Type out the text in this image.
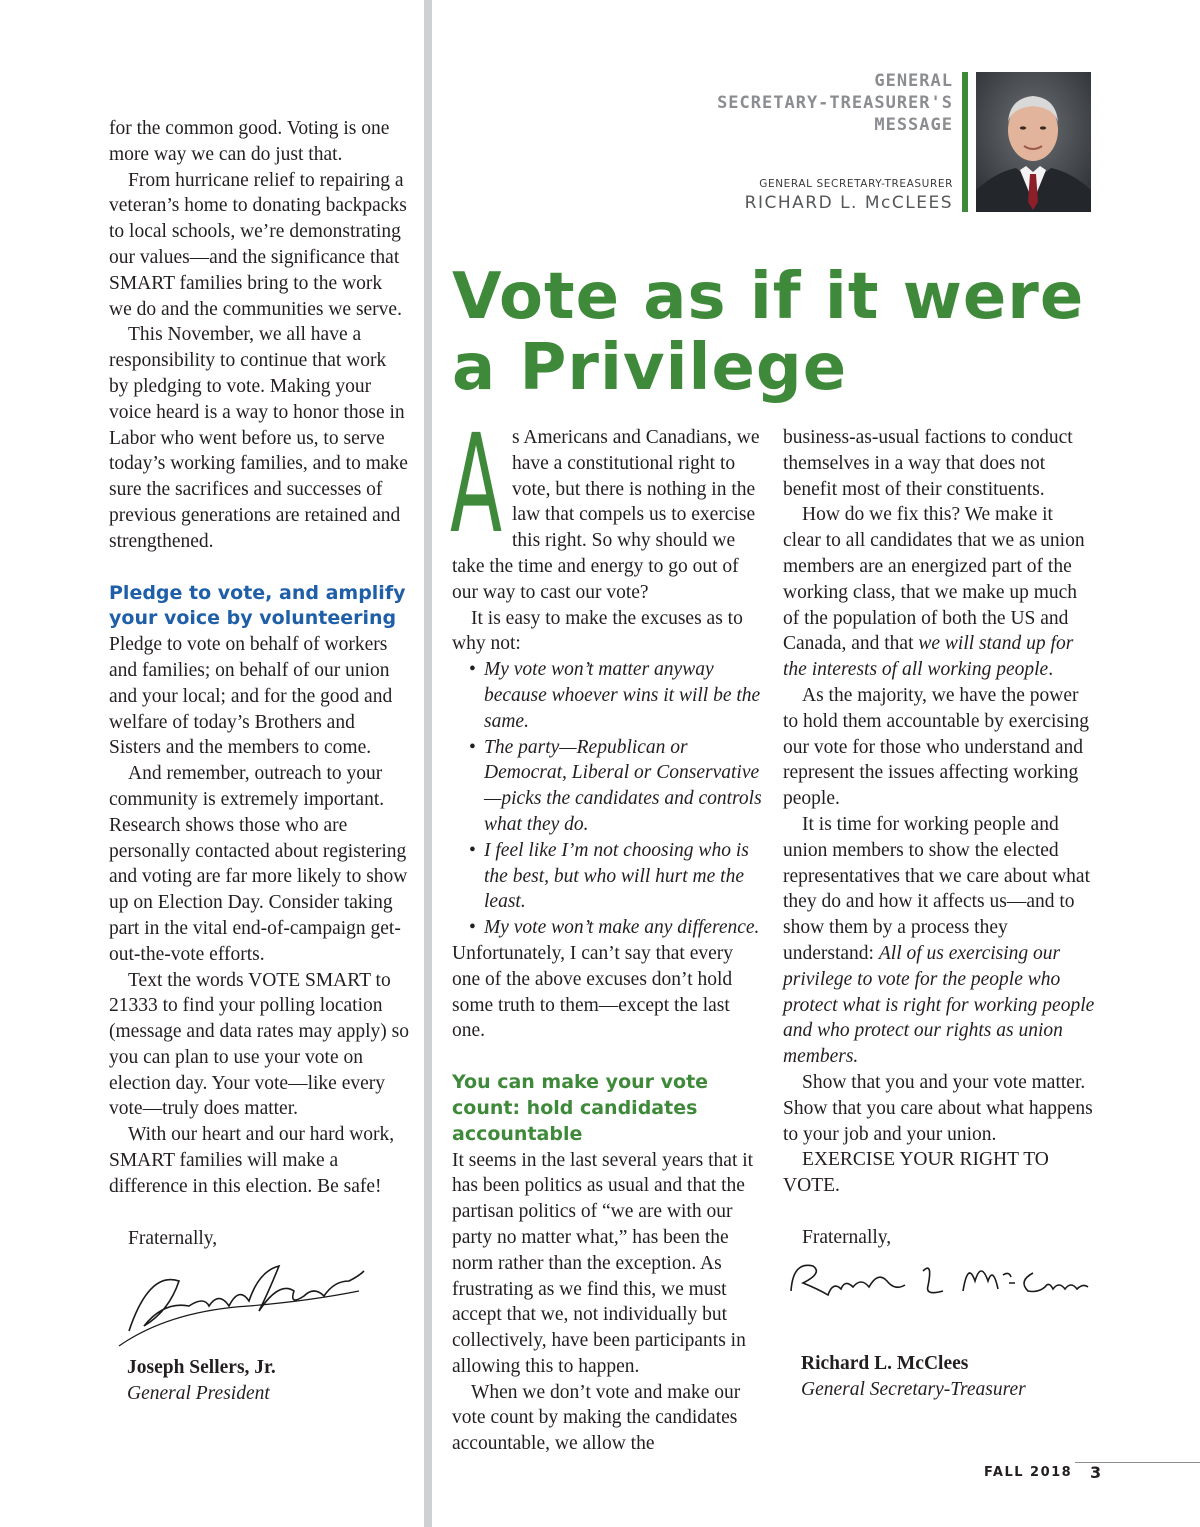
GENERAL
SECRETARY-TREASURER'S
MESSAGE
GENERAL SECRETARY-TREASURER
RICHARD L. McCLEES
Vote as if it were
a Privilege

for the common good. Voting is one more way we can do just that.

From hurricane relief to repairing a veteran’s home to donating backpacks to local schools, we’re demonstrating our values—and the significance that SMART families bring to the work we do and the communities we serve.

This November, we all have a responsibility to continue that work by pledging to vote. Making your voice heard is a way to honor those in Labor who went before us, to serve today’s working families, and to make sure the sacrifices and successes of previous generations are retained and strengthened.

Pledge to vote, and amplify your voice by volunteering

Pledge to vote on behalf of workers and families; on behalf of our union and your local; and for the good and welfare of today’s Brothers and Sisters and the members to come.

And remember, outreach to your community is extremely important. Research shows those who are personally contacted about registering and voting are far more likely to show up on Election Day. Consider taking part in the vital end-of-campaign get-out-the-vote efforts.

Text the words VOTE SMART to 21333 to find your polling location (message and data rates may apply) so you can plan to use your vote on election day. Your vote—like every vote—truly does matter.

With our heart and our hard work, SMART families will make a difference in this election. Be safe!

Fraternally,

Joseph Sellers, Jr.

General President

As Americans and Canadians, we have a constitutional right to vote, but there is nothing in the law that compels us to exercise this right. So why should we take the time and energy to go out of our way to cast our vote?

It is easy to make the excuses as to why not:

• My vote won’t matter anyway because whoever wins it will be the same.
• The party—Republican or Democrat, Liberal or Conservative—picks the candidates and controls what they do.
• I feel like I’m not choosing who is the best, but who will hurt me the least.
• My vote won’t make any difference.

Unfortunately, I can’t say that every one of the above excuses don’t hold some truth to them—except the last one.

You can make your vote count: hold candidates accountable

It seems in the last several years that it has been politics as usual and that the partisan politics of “we are with our party no matter what,” has been the norm rather than the exception. As frustrating as we find this, we must accept that we, not individually but collectively, have been participants in allowing this to happen.

When we don’t vote and make our vote count by making the candidates accountable, we allow the

business-as-usual factions to conduct themselves in a way that does not benefit most of their constituents.

How do we fix this? We make it clear to all candidates that we as union members are an energized part of the working class, that we make up much of the population of both the US and Canada, and that we will stand up for the interests of all working people.

As the majority, we have the power to hold them accountable by exercising our vote for those who understand and represent the issues affecting working people.

It is time for working people and union members to show the elected representatives that we care about what they do and how it affects us—and to show them by a process they understand: All of us exercising our privilege to vote for the people who protect what is right for working people and who protect our rights as union members.

Show that you and your vote matter. Show that you care about what happens to your job and your union.

EXERCISE YOUR RIGHT TO VOTE.

Fraternally,

Richard L. McClees

General Secretary-Treasurer

FALL 2018 3
